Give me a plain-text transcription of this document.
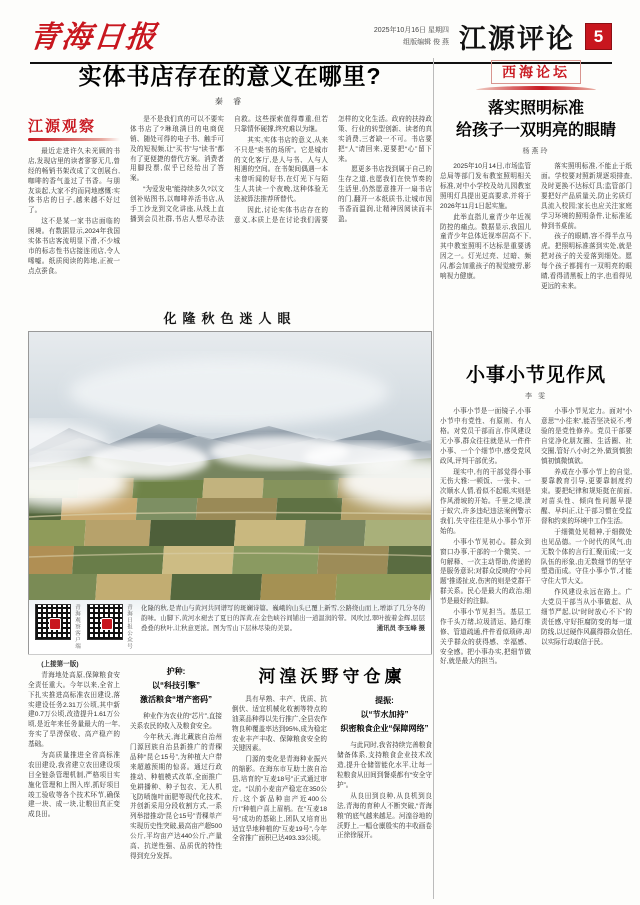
青海日报	2025年10月16日 星期四
组版编辑 俊 燕 江源评论	5
实体书店存在的意义在哪里?
秦 睿
江源观察

最近走进许久未光顾的书店,发现店里的读者寥寥无几,曾经的畅销书架改成了文创展台,咖啡的香气盖过了书香。与朋友谈起,大家不约而同地感慨:实体书店的日子,越来越不好过了。

这不是某一家书店面临的困境。有数据显示,2024年我国实体书店客流明显下滑,不少城市的标志性书店接连闭店,令人唏嘘。纸质阅读的阵地,正被一点点蚕食。

是不是我们真的可以不要实体书店了?琳琅满目的电商促销、随处可得的电子书、触手可及的短视频,让“买书”与“读书”都有了更便捷的替代方案。消费者用脚投票,似乎已经给出了答案。

“为爱发电”能持续多久?以文创补贴图书,以咖啡养活书店,从手工沙龙到文化讲座,从线上直播到会员社群,书店人想尽办法自救。这些探索值得尊重,但若只靠情怀硬撑,终究难以为继。

其实,实体书店的意义,从来不只是“卖书的场所”。它是城市的文化客厅,是人与书、人与人相遇的空间。在书架间偶遇一本未曾听闻的好书,在灯光下与陌生人共读一个夜晚,这种体验无法被算法推荐所替代。

因此,讨论实体书店存在的意义,本质上是在讨论我们需要怎样的文化生活。政府的扶持政策、行业的转型创新、读者的真实消费,三者缺一不可。书店要把“人”请回来,更要把“心”留下来。

愿更多书店找到属于自己的生存之道,也愿我们在快节奏的生活里,仍然愿意推开一扇书店的门,翻开一本纸质书,让城市因书香而温润,让精神因阅读而丰盈。

西海论坛
落实照明标准
给孩子一双明亮的眼睛
杨燕玲

2025年10月14日,市场监管总局等部门发布教室照明相关标准,对中小学校及幼儿园教室照明灯具提出更高要求,并将于2026年11月1日起实施。

此举直指儿童青少年近视防控的痛点。数据显示,我国儿童青少年总体近视率居高不下,其中教室照明不达标是重要诱因之一。灯光过亮、过暗、频闪,都会加重孩子的视觉疲劳,影响视力健康。

落实照明标准,不能止于纸面。学校要对照新规逐项排查,及时更换不达标灯具;监管部门要把好产品质量关,防止劣质灯具流入校园;家长也应关注家庭学习环境的照明条件,让标准延伸到书桌前。

孩子的眼睛,容不得半点马虎。把照明标准落到实处,就是把对孩子的关爱落到细处。愿每个孩子都拥有一双明亮的眼睛,看得清黑板上的字,也看得见更远的未来。

小事小节见作风
李 雯

小事小节是一面镜子,小事小节中有党性、有原则、有人格。对党员干部而言,作风建设无小事,群众往往就是从一件件小事、一个个细节中,感受党风政风,评判干部优劣。

现实中,有的干部觉得小事无伤大雅:一顿饭、一张卡、一次顺水人情,看似不起眼,实则是作风滑坡的开始。千里之堤,溃于蚁穴,许多违纪违法案例警示我们,失守往往是从小事小节开始的。

小事小节见初心。群众到窗口办事,干部的一个微笑、一句解释、一次主动帮助,传递的是服务意识;对群众反映的“小问题”推诿扯皮,伤害的则是党群干群关系。民心是最大的政治,细节是最好的注脚。

小事小节见担当。基层工作千头万绪,垃圾清运、路灯维修、管道疏通,件件看似琐碎,却关乎群众的获得感、幸福感、安全感。把小事办实,把细节做好,就是最大的担当。

小事小节见定力。面对“小意思”“小往来”,能否坚决说不,考验的是党性修养。党员干部要自觉净化朋友圈、生活圈、社交圈,管好八小时之外,做到慎独慎初慎微慎欲。

养成在小事小节上的自觉,要靠教育引导,更要靠制度约束。要把纪律和规矩挺在前面,对苗头性、倾向性问题早提醒、早纠正,让干部习惯在受监督和约束的环境中工作生活。

于细微处见精神,于细微处也见品德。一个时代的风气,由无数个体的言行汇聚而成;一支队伍的形象,由无数细节的坚守塑造而成。守住小事小节,才能守住大节大义。

作风建设永远在路上。广大党员干部当从小事做起、从细节严起,以“时时放心不下”的责任感,守好拒腐防变的每一道防线,以过硬作风赢得群众信任,以实际行动取信于民。

化隆秋色迷人眼
青海观察客户端	青海日报公众号 化隆的秋,是青山与黄河共同谱写的斑斓诗篇。巍峨的山头已覆上新雪,公路绕山而上,增添了几分冬的韵味。山脚下,黄河水褪去了夏日的浑黄,在金色峡谷间铺出一道温润的带。风吹过,翠叶披着金辉,层层叠叠的秋叶,让秋意更浓。图为雪山下层林尽染的美景。	通讯员 李玉峰 摄

(上接第一版)

青海地处高原,保障粮食安全责任重大。今年以来,全省上下扎实推进高标准农田建设,落实建设任务2.31万公顷,其中新建0.7万公顷,改造提升1.61万公顷,是近年来任务量最大的一年,夯实了旱涝保收、高产稳产的基础。

为高质量推进全省高标准农田建设,我省建立农田建设项目全链条管理机制,严格项目实施化管理和上图入库,抓好项目竣工验收等各个技术环节,确保建一块、成一块,让粮田真正变成良田。

护种:

以“科技引擎”

激活粮食“增产密码”

种业作为农业的“芯片”,直接关系农民的收入及粮食安全。

今年秋天,海北藏族自治州门源回族自治县新推广的青稞品种“昆仑15号”,为种植大户带来超越预期的惊喜。通过行政推动、种植模式改革,全面推广免耕播种、种子包衣、无人机飞防喷施叶面肥等现代化技术,并创新采用分段收割方式,一系列举措推动“昆仑15号”青稞单产实现历史性突破,最高亩产超500公斤,平均亩产达440公斤,产量高、抗逆性强、品质优的特性得到充分发挥。

河湟沃野守仓廪

具有早熟、丰产、优质、抗倒伏、适宜机械化收割等特点的油菜品种得以先行推广,全县农作物良种覆盖率达到95%,成为稳定农业丰产丰收、保障粮食安全的关键因素。

门源的变化是青海种业振兴的缩影。在海东市互助土族自治县,培育的“互麦18号”正式通过审定。“以前小麦亩产稳定在350公斤,这个新品种亩产近400公斤!”种植户喜上眉梢。在“互麦18号”成功的基础上,团队又培育出适宜旱地种植的“互麦19号”,今年全省推广面积已达493.33公顷。

提振:

以“节水加持”

织密粮食企业“保障网络”

与此同时,我省持续完善粮食储备体系,支持粮食企业技术改造,提升仓储智能化水平,让每一粒粮食从田间到餐桌都有“安全守护”。

从良田到良种,从良机到良法,青海的育种人不断突破,“青海粮”的底气越来越足。河湟谷地的沃野上,一幅仓廪殷实的丰收画卷正徐徐展开。
